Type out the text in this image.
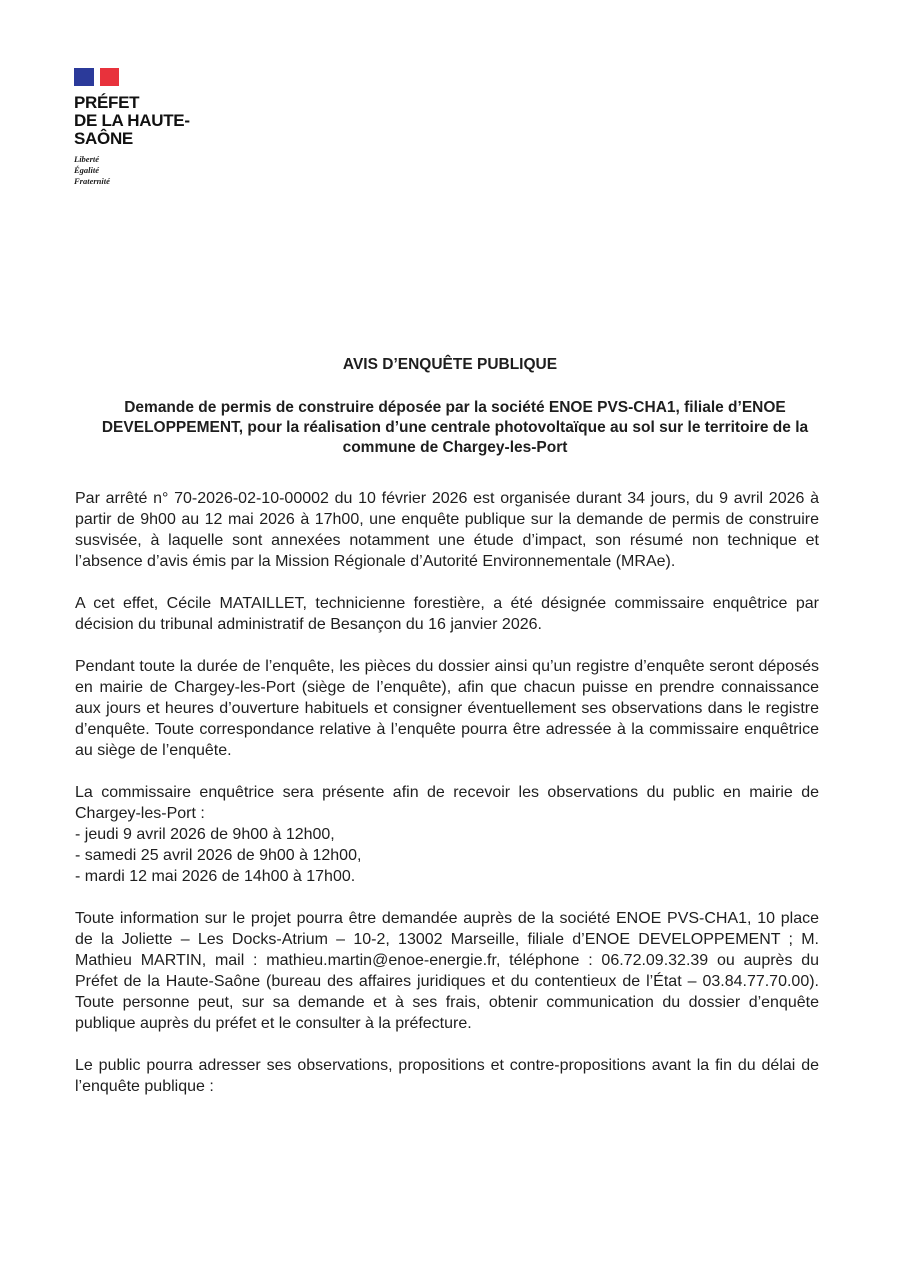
PRÉFET
DE LA HAUTE-
SAÔNE
Liberté
Égalité
Fraternité
AVIS D’ENQUÊTE PUBLIQUE
Demande de permis de construire déposée par la société ENOE PVS-CHA1, filiale d’ENOE DEVELOPPEMENT, pour la réalisation d’une centrale photovoltaïque au sol sur le territoire de la commune de Chargey-les-Port

Par arrêté n° 70-2026-02-10-00002 du 10 février 2026 est organisée durant 34 jours, du 9 avril 2026 à partir de 9h00 au 12 mai 2026 à 17h00, une enquête publique sur la demande de permis de construire susvisée, à laquelle sont annexées notamment une étude d’impact, son résumé non technique et l’absence d’avis émis par la Mission Régionale d’Autorité Environnementale (MRAe).

A cet effet, Cécile MATAILLET, technicienne forestière, a été désignée commissaire enquêtrice par décision du tribunal administratif de Besançon du 16 janvier 2026.

Pendant toute la durée de l’enquête, les pièces du dossier ainsi qu’un registre d’enquête seront déposés en mairie de Chargey-les-Port (siège de l’enquête), afin que chacun puisse en prendre connaissance aux jours et heures d’ouverture habituels et consigner éventuellement ses observations dans le registre d’enquête. Toute correspondance relative à l’enquête pourra être adressée à la commissaire enquêtrice au siège de l’enquête.

La commissaire enquêtrice sera présente afin de recevoir les observations du public en mairie de Chargey-les-Port :

- jeudi 9 avril 2026 de 9h00 à 12h00,
- samedi 25 avril 2026 de 9h00 à 12h00,
- mardi 12 mai 2026 de 14h00 à 17h00.

Toute information sur le projet pourra être demandée auprès de la société ENOE PVS-CHA1, 10 place de la Joliette – Les Docks-Atrium – 10-2, 13002 Marseille, filiale d’ENOE DEVELOPPEMENT ; M. Mathieu MARTIN, mail : mathieu.martin@enoe-energie.fr, téléphone : 06.72.09.32.39 ou auprès du Préfet de la Haute-Saône (bureau des affaires juridiques et du contentieux de l’État – 03.84.77.70.00). Toute personne peut, sur sa demande et à ses frais, obtenir communication du dossier d’enquête publique auprès du préfet et le consulter à la préfecture.

Le public pourra adresser ses observations, propositions et contre-propositions avant la fin du délai de l’enquête publique :
